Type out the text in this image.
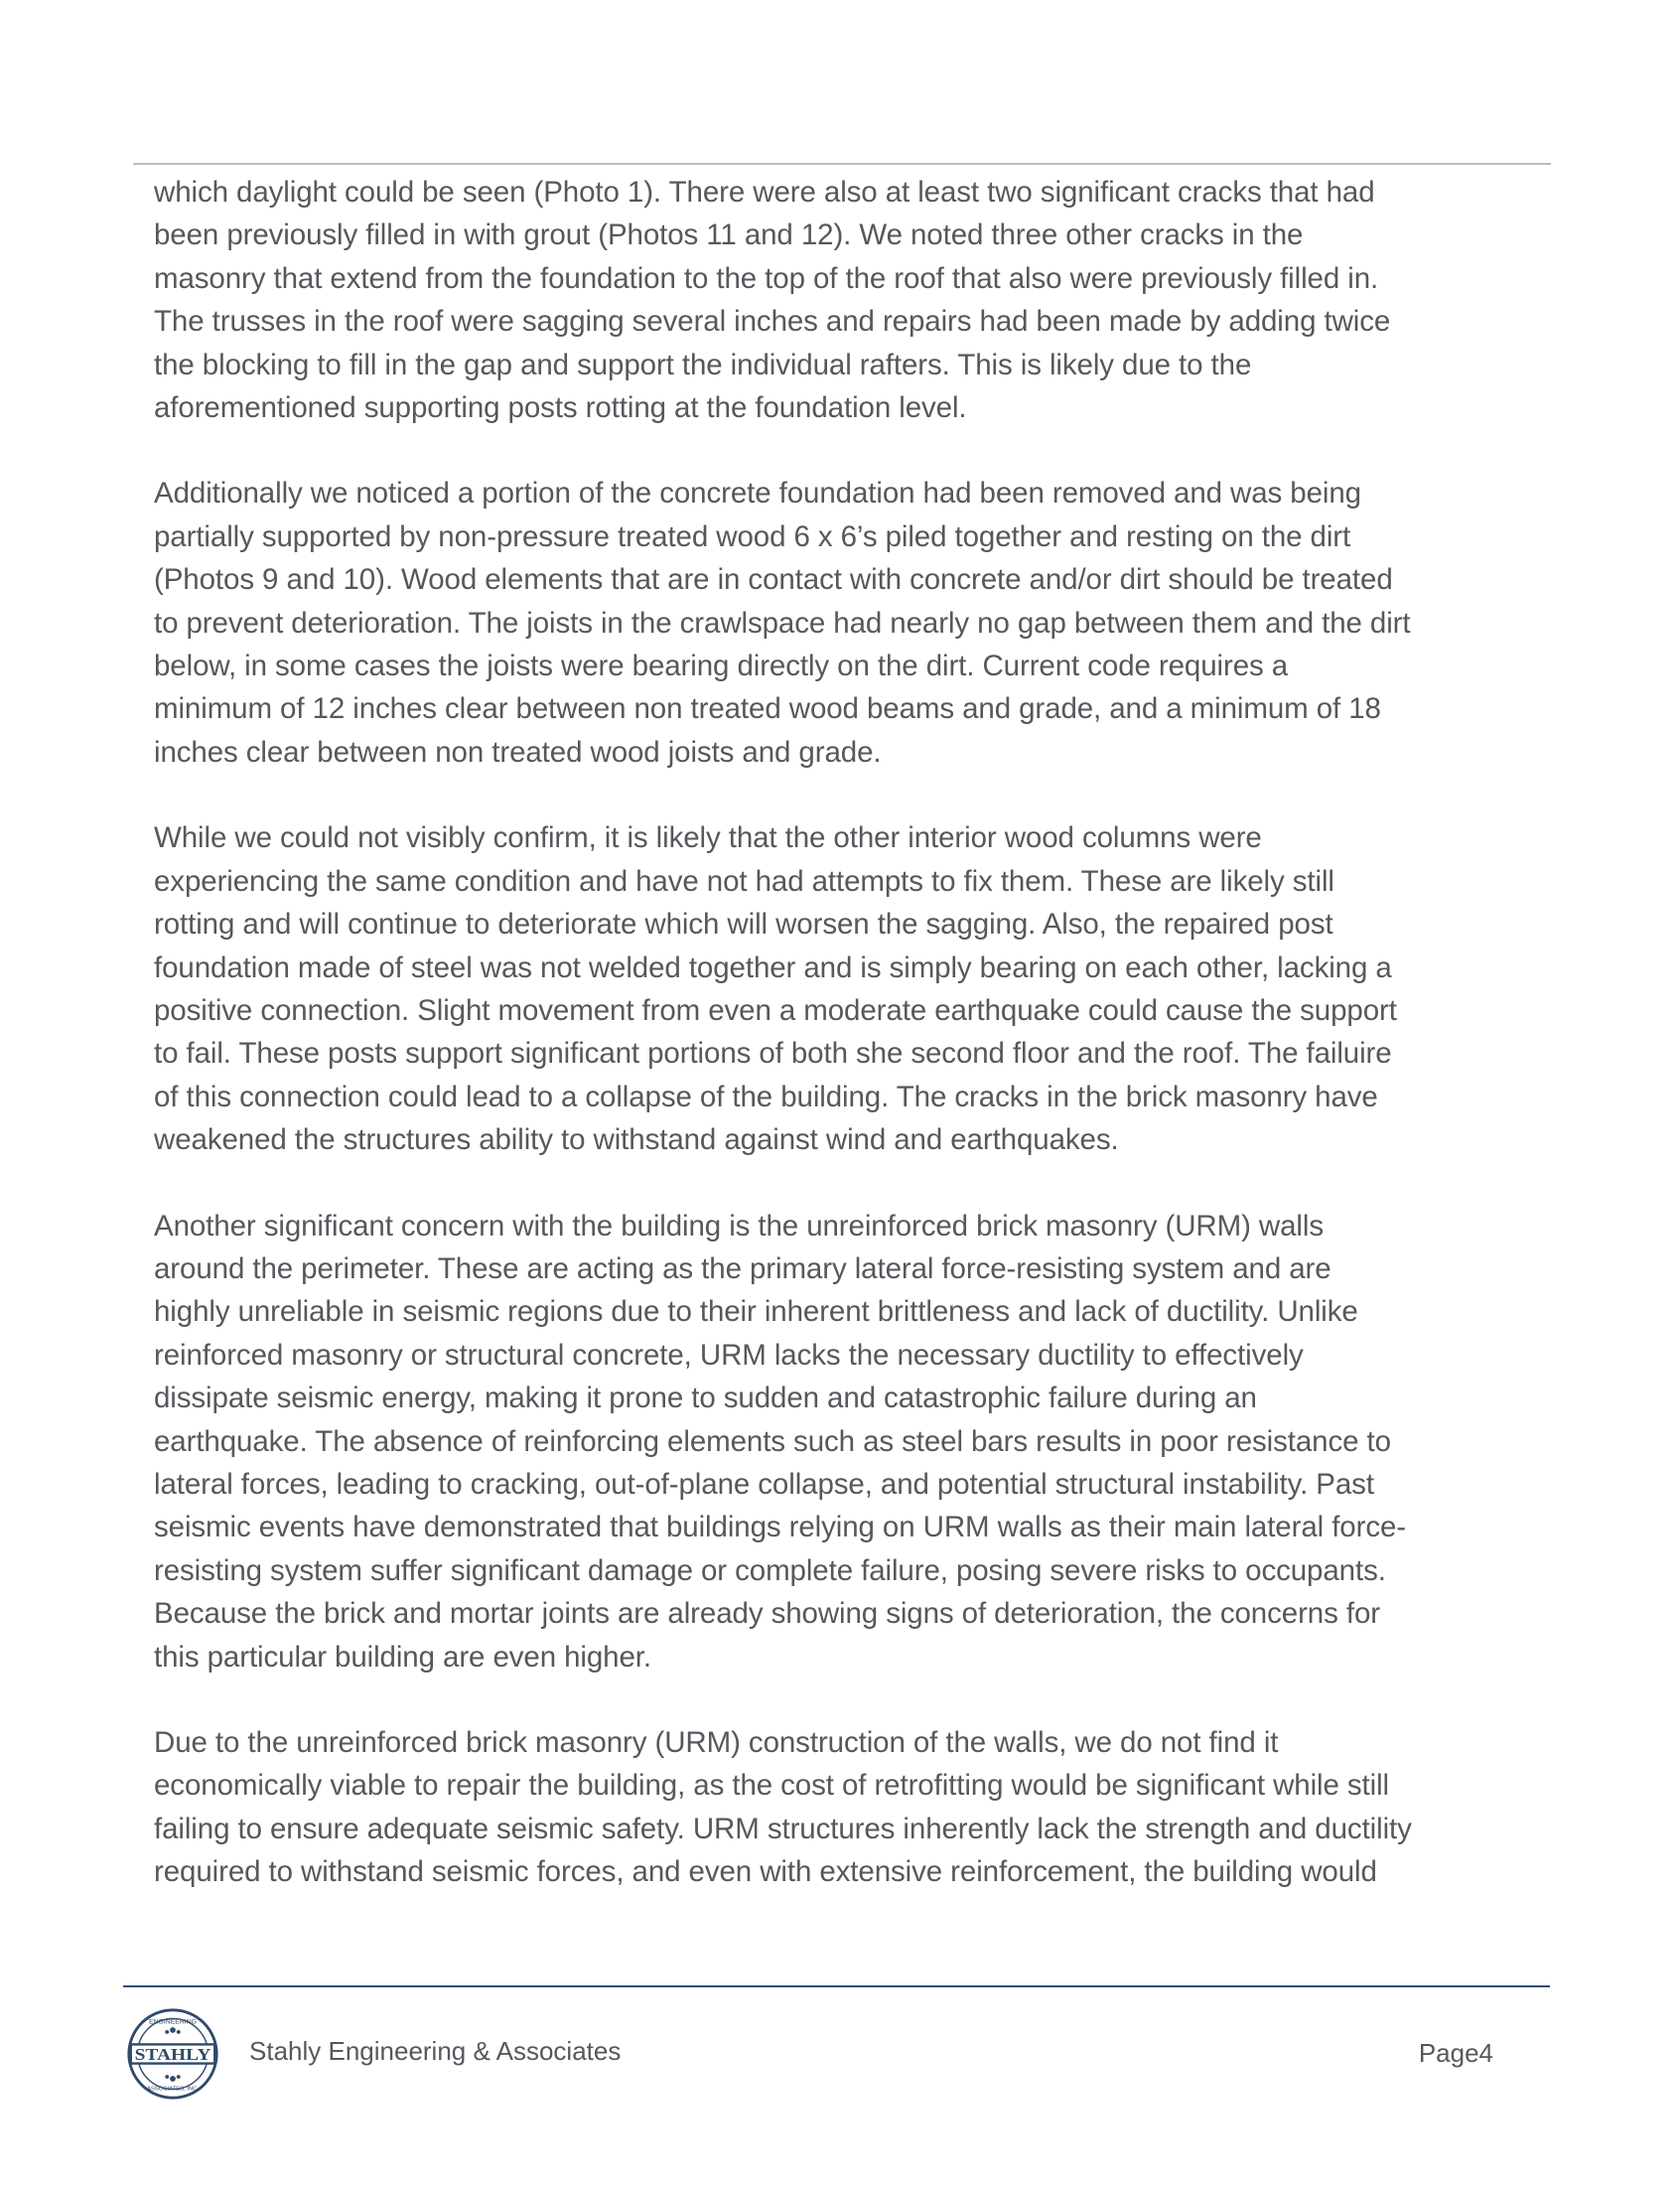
which daylight could be seen (Photo 1). There were also at least two significant cracks that had
been previously filled in with grout (Photos 11 and 12). We noted three other cracks in the
masonry that extend from the foundation to the top of the roof that also were previously filled in.
The trusses in the roof were sagging several inches and repairs had been made by adding twice
the blocking to fill in the gap and support the individual rafters. This is likely due to the
aforementioned supporting posts rotting at the foundation level.

Additionally we noticed a portion of the concrete foundation had been removed and was being
partially supported by non-pressure treated wood 6 x 6’s piled together and resting on the dirt
(Photos 9 and 10). Wood elements that are in contact with concrete and/or dirt should be treated
to prevent deterioration. The joists in the crawlspace had nearly no gap between them and the dirt
below, in some cases the joists were bearing directly on the dirt. Current code requires a
minimum of 12 inches clear between non treated wood beams and grade, and a minimum of 18
inches clear between non treated wood joists and grade.

While we could not visibly confirm, it is likely that the other interior wood columns were
experiencing the same condition and have not had attempts to fix them. These are likely still
rotting and will continue to deteriorate which will worsen the sagging. Also, the repaired post
foundation made of steel was not welded together and is simply bearing on each other, lacking a
positive connection. Slight movement from even a moderate earthquake could cause the support
to fail. These posts support significant portions of both she second floor and the roof. The failuire
of this connection could lead to a collapse of the building. The cracks in the brick masonry have
weakened the structures ability to withstand against wind and earthquakes.

Another significant concern with the building is the unreinforced brick masonry (URM) walls
around the perimeter. These are acting as the primary lateral force-resisting system and are
highly unreliable in seismic regions due to their inherent brittleness and lack of ductility. Unlike
reinforced masonry or structural concrete, URM lacks the necessary ductility to effectively
dissipate seismic energy, making it prone to sudden and catastrophic failure during an
earthquake. The absence of reinforcing elements such as steel bars results in poor resistance to
lateral forces, leading to cracking, out-of-plane collapse, and potential structural instability. Past
seismic events have demonstrated that buildings relying on URM walls as their main lateral force-
resisting system suffer significant damage or complete failure, posing severe risks to occupants.
Because the brick and mortar joints are already showing signs of deterioration, the concerns for
this particular building are even higher.

Due to the unreinforced brick masonry (URM) construction of the walls, we do not find it
economically viable to repair the building, as the cost of retrofitting would be significant while still
failing to ensure adequate seismic safety. URM structures inherently lack the strength and ductility
required to withstand seismic forces, and even with extensive reinforcement, the building would

STAHLY
ENGINEERING
ASSOCIATES, INC.
Stahly Engineering & Associates	Page4
